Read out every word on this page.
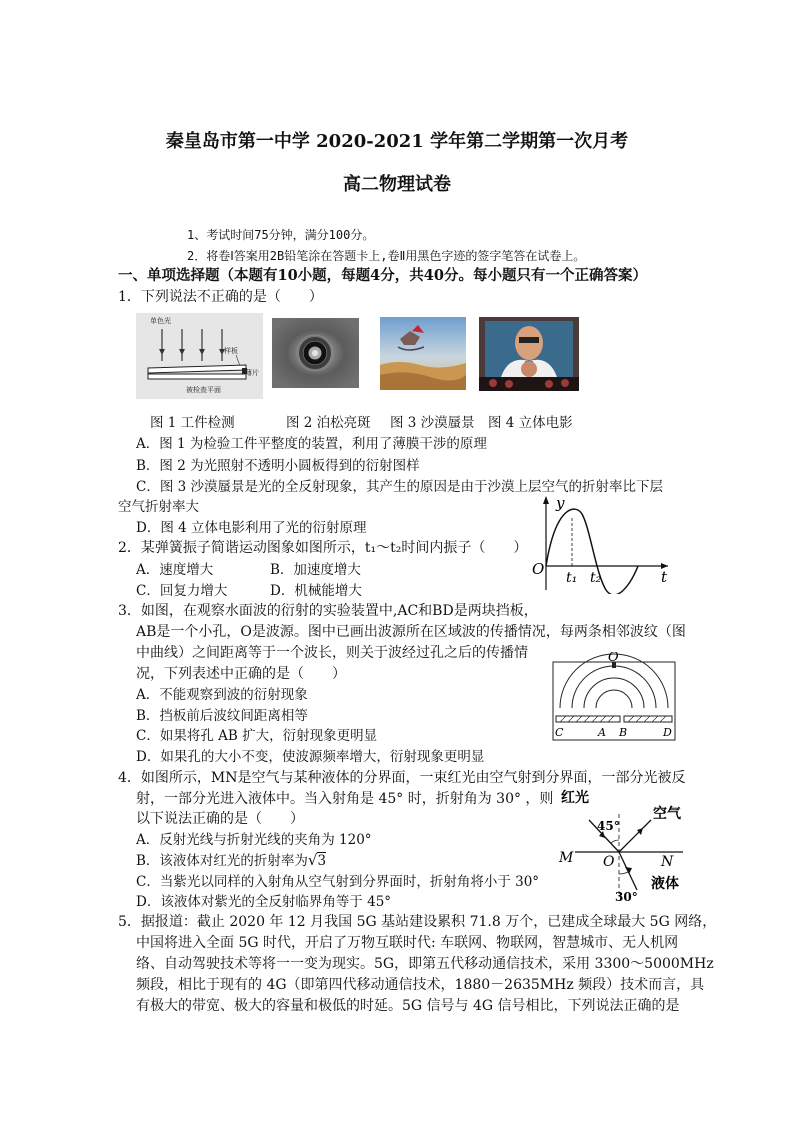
秦皇岛市第一中学 2020-2021 学年第二学期第一次月考
高二物理试卷
1、考试时间75分钟，满分100分。
2．将卷Ⅰ答案用2B铅笔涂在答题卡上,卷Ⅱ用黑色字迹的签字笔答在试卷上。
一、单项选择题（本题有10小题，每题4分，共40分。每小题只有一个正确答案）
1．下列说法不正确的是（　　）
单色光
样板
薄片
被检查平面
图 1 工件检测	图 2 泊松亮斑 图 3 沙漠蜃景 图 4 立体电影
A．图 1 为检验工件平整度的装置，利用了薄膜干涉的原理
B．图 2 为光照射不透明小圆板得到的衍射图样
C．图 3 沙漠蜃景是光的全反射现象，其产生的原因是由于沙漠上层空气的折射率比下层
空气折射率大
D．图 4 立体电影利用了光的衍射原理
y
O t₁ t₂	t
2．某弹簧振子简谐运动图象如图所示，t₁～t₂时间内振子（　　）
A．速度增大	B．加速度增大
C．回复力增大	D．机械能增大
3．如图，在观察水面波的衍射的实验装置中,AC和BD是两块挡板，
AB是一个小孔，O是波源。图中已画出波源所在区域波的传播情况，每两条相邻波纹（图
中曲线）之间距离等于一个波长，则关于波经过孔之后的传播情
况，下列表述中正确的是（　　）
A．不能观察到波的衍射现象
B．挡板前后波纹间距离相等
C．如果将孔 AB 扩大，衍射现象更明显
D．如果孔的大小不变，使波源频率增大，衍射现象更明显
O
C	A B	D
4．如图所示，MN是空气与某种液体的分界面，一束红光由空气射到分界面，一部分光被反
射，一部分光进入液体中。当入射角是 45° 时，折射角为 30° ，则
以下说法正确的是（　　）
A．反射光线与折射光线的夹角为 120°
B．该液体对红光的折射率为√3
C．当紫光以同样的入射角从空气射到分界面时，折射角将小于 30°
D．该液体对紫光的全反射临界角等于 45°
红光
空气
液体
45°
30°
M O	N
5．据报道：截止 2020 年 12 月我国 5G 基站建设累积 71.8 万个，已建成全球最大 5G 网络，
中国将进入全面 5G 时代，开启了万物互联时代: 车联网、物联网，智慧城市、无人机网
络、自动驾驶技术等将一一变为现实。5G，即第五代移动通信技术，采用 3300～5000MHz
频段，相比于现有的 4G（即第四代移动通信技术，1880－2635MHz 频段）技术而言，具
有极大的带宽、极大的容量和极低的时延。5G 信号与 4G 信号相比，下列说法正确的是
